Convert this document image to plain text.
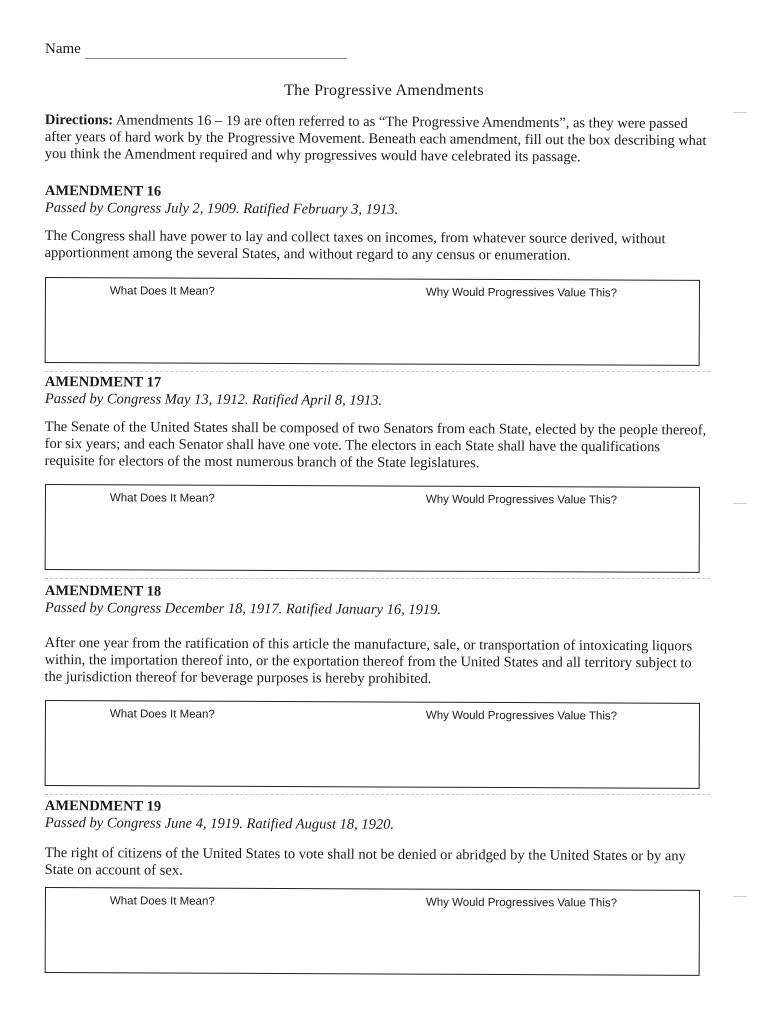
Name
The Progressive Amendments
Directions: Amendments 16 – 19 are often referred to as “The Progressive Amendments”, as they were passed after years of hard work by the Progressive Movement. Beneath each amendment, fill out the box describing what you think the Amendment required and why progressives would have celebrated its passage.
AMENDMENT 16
Passed by Congress July 2, 1909. Ratified February 3, 1913.
The Congress shall have power to lay and collect taxes on incomes, from whatever source derived, without apportionment among the several States, and without regard to any census or enumeration.
What Does It Mean?	Why Would Progressives Value This?
AMENDMENT 17
Passed by Congress May 13, 1912. Ratified April 8, 1913.
The Senate of the United States shall be composed of two Senators from each State, elected by the people thereof, for six years; and each Senator shall have one vote. The electors in each State shall have the qualifications requisite for electors of the most numerous branch of the State legislatures.
What Does It Mean?	Why Would Progressives Value This?
AMENDMENT 18
Passed by Congress December 18, 1917. Ratified January 16, 1919.
After one year from the ratification of this article the manufacture, sale, or transportation of intoxicating liquors within, the importation thereof into, or the exportation thereof from the United States and all territory subject to the jurisdiction thereof for beverage purposes is hereby prohibited.
What Does It Mean?	Why Would Progressives Value This?
AMENDMENT 19
Passed by Congress June 4, 1919. Ratified August 18, 1920.
The right of citizens of the United States to vote shall not be denied or abridged by the United States or by any State on account of sex.
What Does It Mean?	Why Would Progressives Value This?
